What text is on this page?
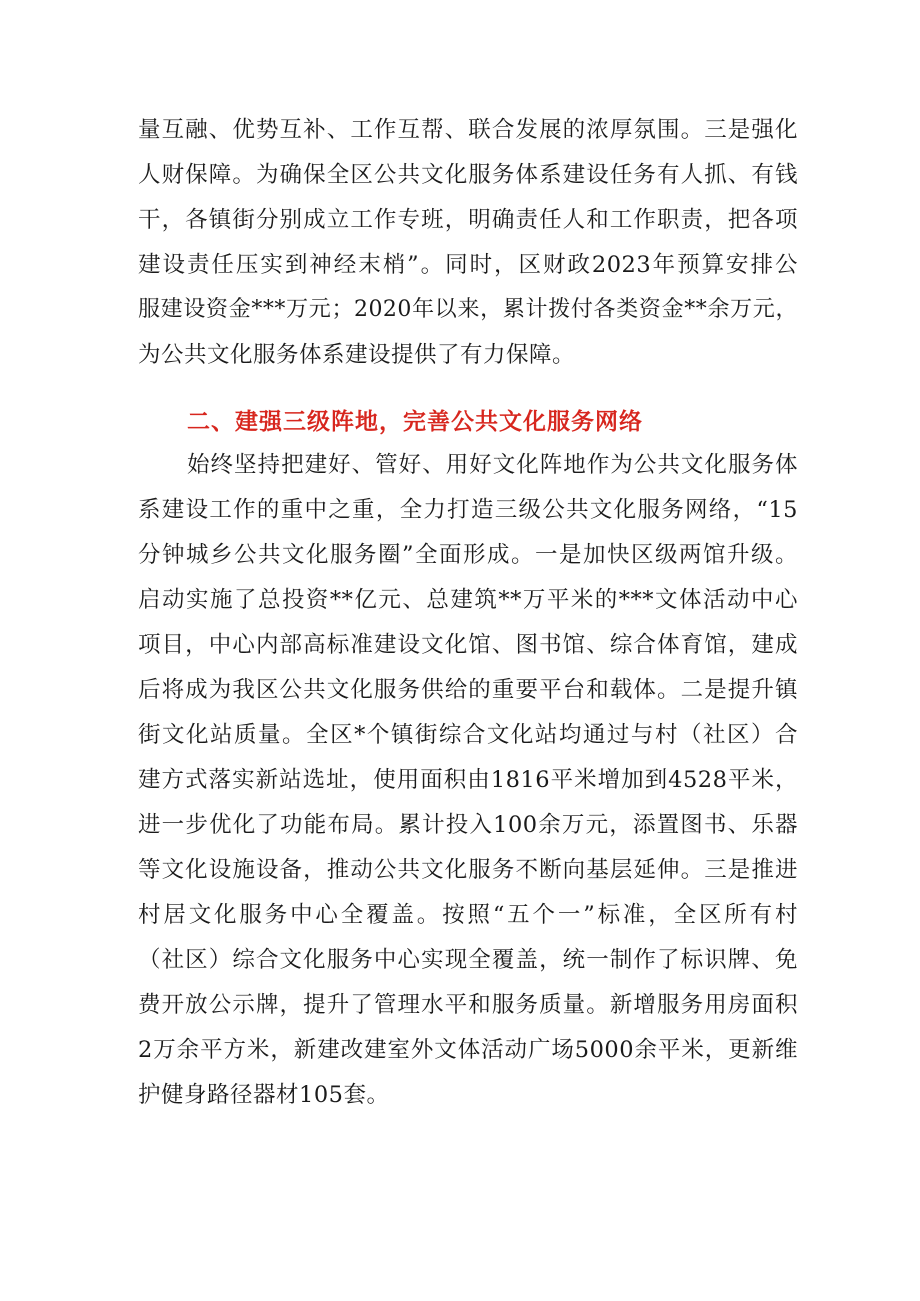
量互融、优势互补、工作互帮、联合发展的浓厚氛围。三是强化
人财保障。为确保全区公共文化服务体系建设任务有人抓、有钱
干，各镇街分别成立工作专班，明确责任人和工作职责，把各项
建设责任压实到神经末梢”。同时，区财政2023年预算安排公
服建设资金***万元；2020年以来，累计拨付各类资金**余万元，
为公共文化服务体系建设提供了有力保障。
二、建强三级阵地，完善公共文化服务网络
始终坚持把建好、管好、用好文化阵地作为公共文化服务体
系建设工作的重中之重，全力打造三级公共文化服务网络，“15
分钟城乡公共文化服务圈”全面形成。一是加快区级两馆升级。
启动实施了总投资**亿元、总建筑**万平米的***文体活动中心
项目，中心内部高标准建设文化馆、图书馆、综合体育馆，建成
后将成为我区公共文化服务供给的重要平台和载体。二是提升镇
街文化站质量。全区*个镇街综合文化站均通过与村（社区）合
建方式落实新站选址，使用面积由1816平米增加到4528平米，
进一步优化了功能布局。累计投入100余万元，添置图书、乐器
等文化设施设备，推动公共文化服务不断向基层延伸。三是推进
村居文化服务中心全覆盖。按照“五个一”标准，全区所有村
（社区）综合文化服务中心实现全覆盖，统一制作了标识牌、免
费开放公示牌，提升了管理水平和服务质量。新增服务用房面积
2万余平方米，新建改建室外文体活动广场5000余平米，更新维
护健身路径器材105套。
